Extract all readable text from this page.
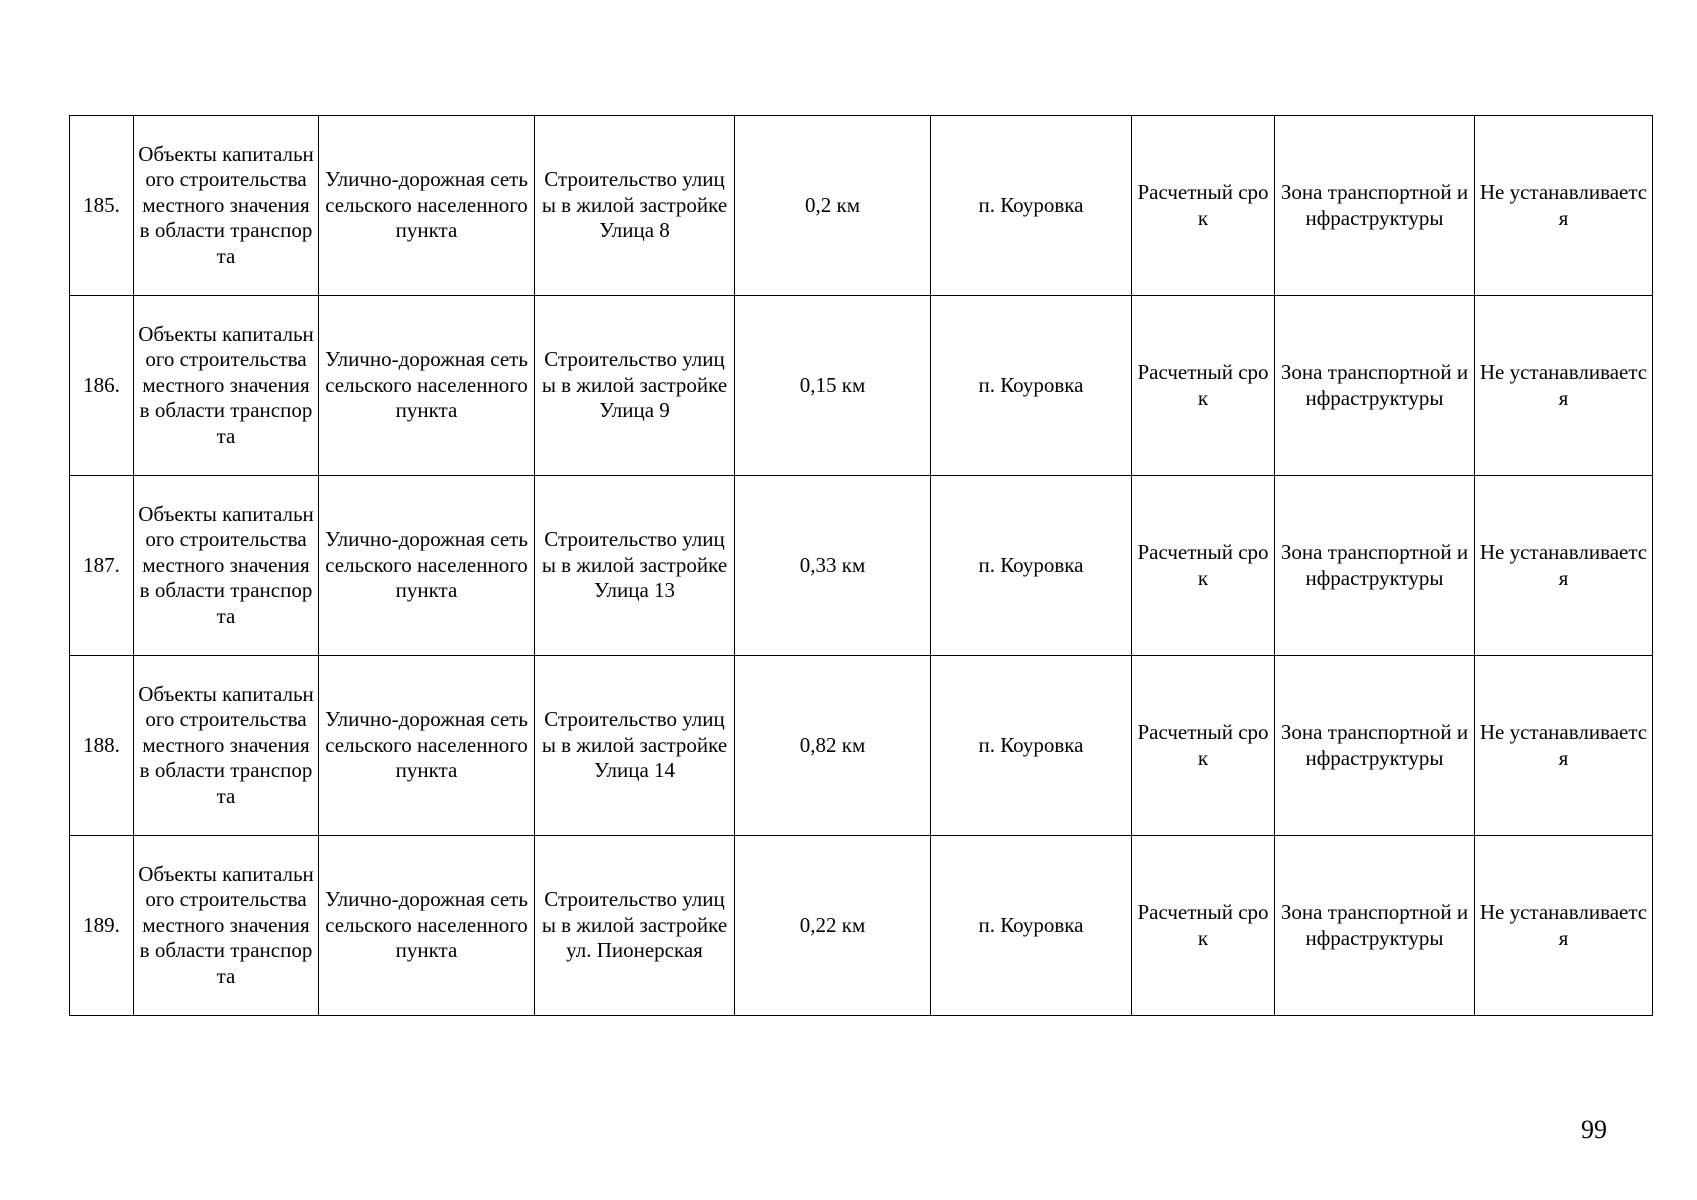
185.	Объекты капитального строительства местного значения в области транспорта	Улично-дорожная сеть сельского населенного пункта	Строительство улицы в жилой застройке Улица 8	0,2 км	п. Коуровка	Расчетный срок	Зона транспортной инфраструктуры	Не устанавливается
186.	Объекты капитального строительства местного значения в области транспорта	Улично-дорожная сеть сельского населенного пункта	Строительство улицы в жилой застройке Улица 9	0,15 км	п. Коуровка	Расчетный срок	Зона транспортной инфраструктуры	Не устанавливается
187.	Объекты капитального строительства местного значения в области транспорта	Улично-дорожная сеть сельского населенного пункта	Строительство улицы в жилой застройке Улица 13	0,33 км	п. Коуровка	Расчетный срок	Зона транспортной инфраструктуры	Не устанавливается
188.	Объекты капитального строительства местного значения в области транспорта	Улично-дорожная сеть сельского населенного пункта	Строительство улицы в жилой застройке Улица 14	0,82 км	п. Коуровка	Расчетный срок	Зона транспортной инфраструктуры	Не устанавливается
189.	Объекты капитального строительства местного значения в области транспорта	Улично-дорожная сеть сельского населенного пункта	Строительство улицы в жилой застройке ул. Пионерская	0,22 км	п. Коуровка	Расчетный срок	Зона транспортной инфраструктуры	Не устанавливается
99
